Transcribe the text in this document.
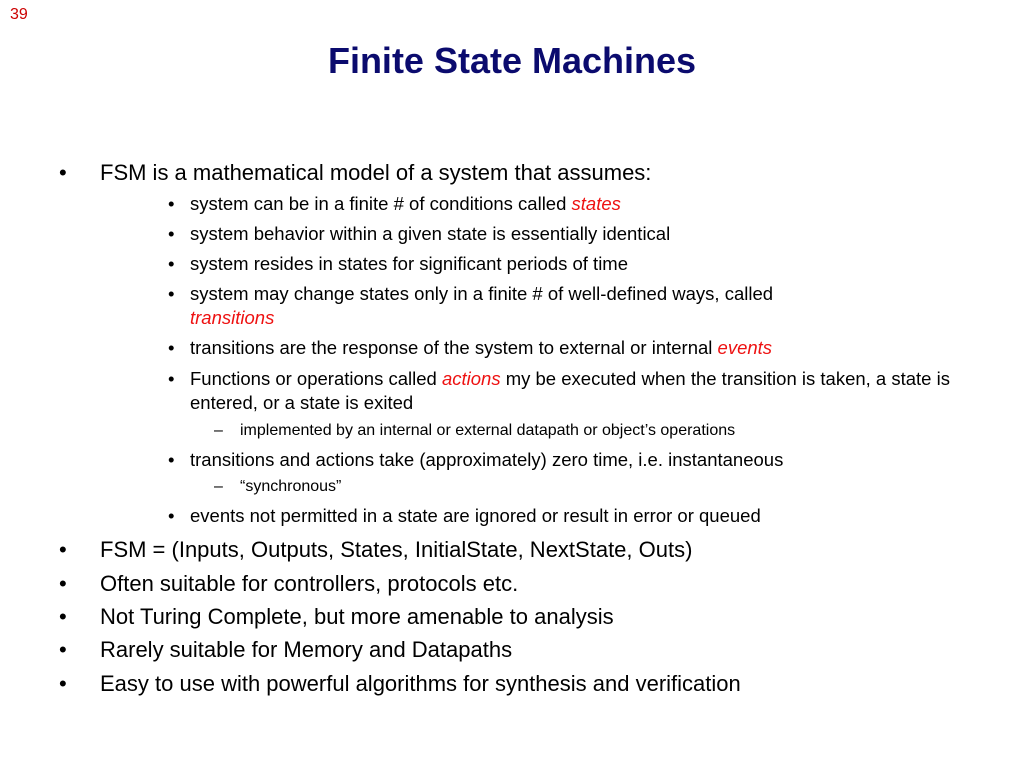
39
Finite State Machines

• FSM is a mathematical model of a system that assumes:

• system can be in a finite # of conditions called states

• system behavior within a given state is essentially identical

• system resides in states for significant periods of time

• system may change states only in a finite # of well-defined ways, called
transitions

• transitions are the response of the system to external or internal events

• Functions or operations called actions my be executed when the transition is taken, a state is entered, or a state is exited

– implemented by an internal or external datapath or object’s operations

• transitions and actions take (approximately) zero time, i.e. instantaneous

– “synchronous”

• events not permitted in a state are ignored or result in error or queued

• FSM = (Inputs, Outputs, States, InitialState, NextState, Outs)

• Often suitable for controllers, protocols etc.

• Not Turing Complete, but more amenable to analysis

• Rarely suitable for Memory and Datapaths

• Easy to use with powerful algorithms for synthesis and verification
